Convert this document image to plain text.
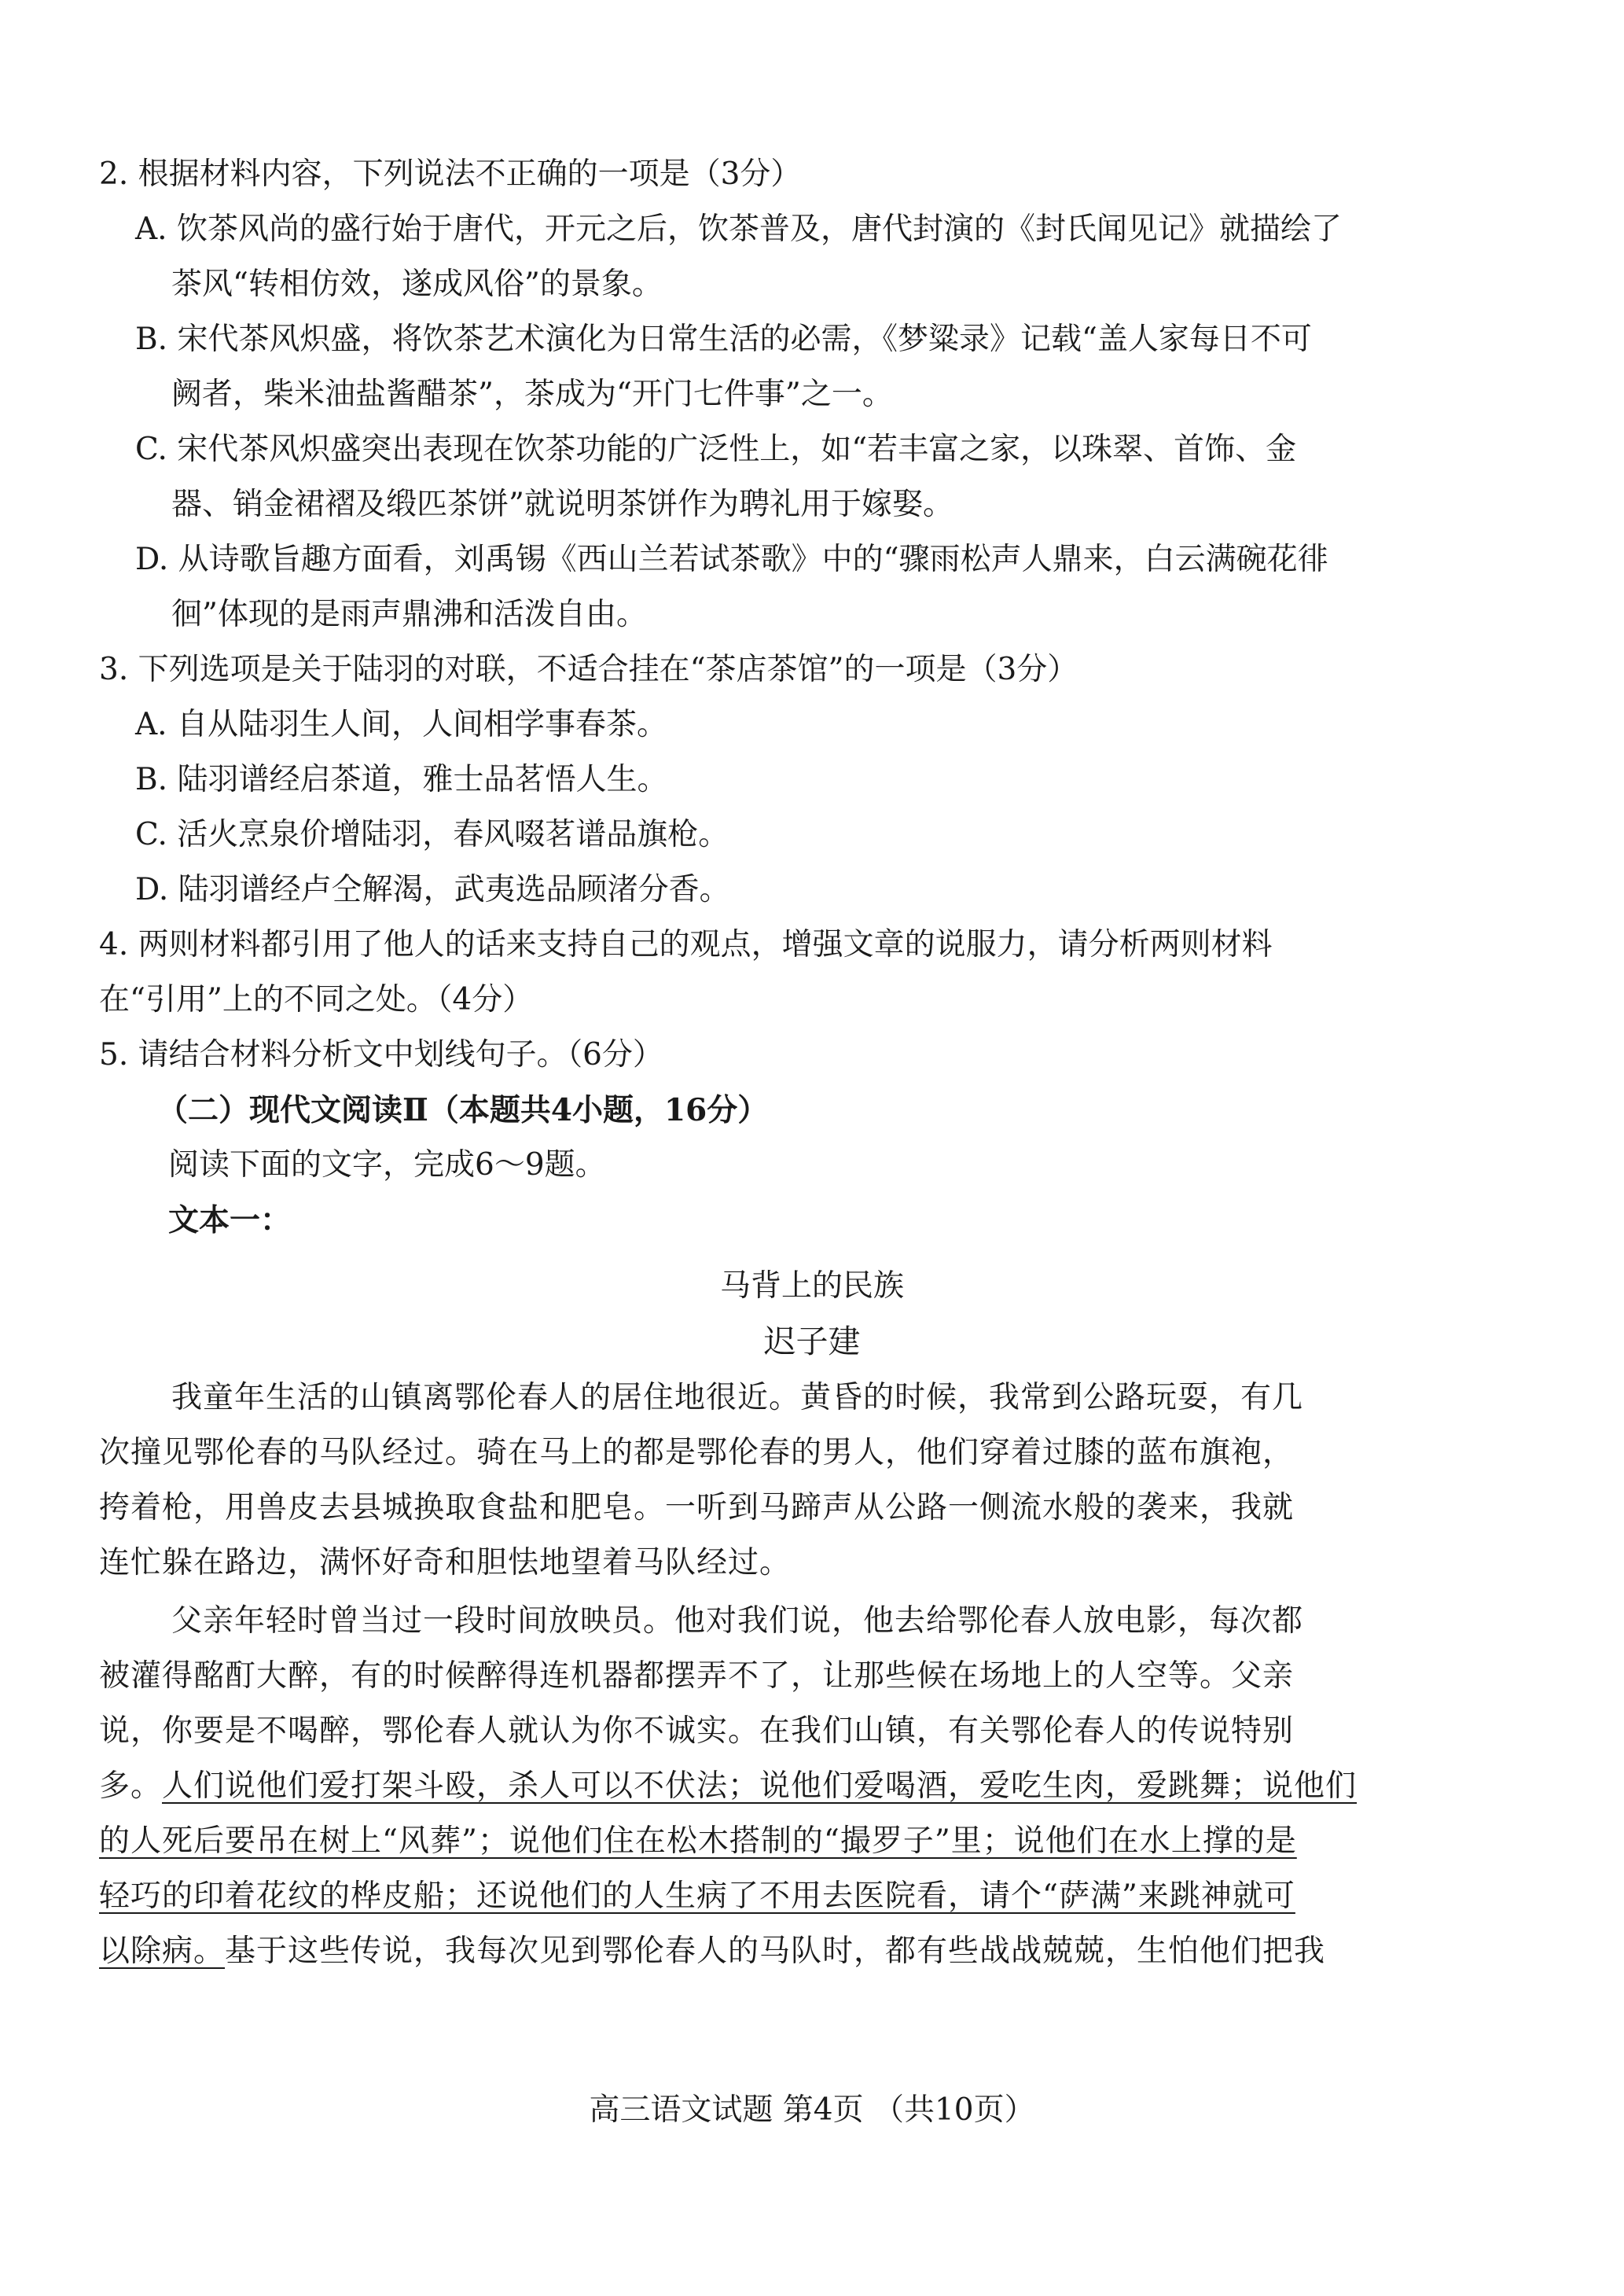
2. 根据材料内容，下列说法不正确的一项是（3分）
A. 饮茶风尚的盛行始于唐代，开元之后，饮茶普及，唐代封演的《封氏闻见记》就描绘了
茶风“转相仿效，遂成风俗”的景象。
B. 宋代茶风炽盛，将饮茶艺术演化为日常生活的必需，《梦粱录》记载“盖人家每日不可
阙者，柴米油盐酱醋茶”，茶成为“开门七件事”之一。
C. 宋代茶风炽盛突出表现在饮茶功能的广泛性上，如“若丰富之家，以珠翠、首饰、金
器、销金裙褶及缎匹茶饼”就说明茶饼作为聘礼用于嫁娶。
D. 从诗歌旨趣方面看，刘禹锡《西山兰若试茶歌》中的“骤雨松声人鼎来，白云满碗花徘
徊”体现的是雨声鼎沸和活泼自由。
3. 下列选项是关于陆羽的对联，不适合挂在“茶店茶馆”的一项是（3分）
A. 自从陆羽生人间，人间相学事春茶。
B. 陆羽谱经启茶道，雅士品茗悟人生。
C. 活火烹泉价增陆羽，春风啜茗谱品旗枪。
D. 陆羽谱经卢仝解渴，武夷选品顾渚分香。
4. 两则材料都引用了他人的话来支持自己的观点，增强文章的说服力，请分析两则材料
在“引用”上的不同之处。（4分）
5. 请结合材料分析文中划线句子。（6分）
（二）现代文阅读Ⅱ（本题共4小题，16分）
阅读下面的文字，完成6～9题。
文本一：
马背上的民族
迟子建
我童年生活的山镇离鄂伦春人的居住地很近。黄昏的时候，我常到公路玩耍，有几
次撞见鄂伦春的马队经过。骑在马上的都是鄂伦春的男人，他们穿着过膝的蓝布旗袍，
挎着枪，用兽皮去县城换取食盐和肥皂。一听到马蹄声从公路一侧流水般的袭来，我就
连忙躲在路边，满怀好奇和胆怯地望着马队经过。
父亲年轻时曾当过一段时间放映员。他对我们说，他去给鄂伦春人放电影，每次都
被灌得酩酊大醉，有的时候醉得连机器都摆弄不了，让那些候在场地上的人空等。父亲
说，你要是不喝醉，鄂伦春人就认为你不诚实。在我们山镇，有关鄂伦春人的传说特别
多。人们说他们爱打架斗殴，杀人可以不伏法；说他们爱喝酒，爱吃生肉，爱跳舞；说他们
的人死后要吊在树上“风葬”；说他们住在松木搭制的“撮罗子”里；说他们在水上撑的是
轻巧的印着花纹的桦皮船；还说他们的人生病了不用去医院看，请个“萨满”来跳神就可
以除病。基于这些传说，我每次见到鄂伦春人的马队时，都有些战战兢兢，生怕他们把我
高三语文试题 第4页 （共10页）
